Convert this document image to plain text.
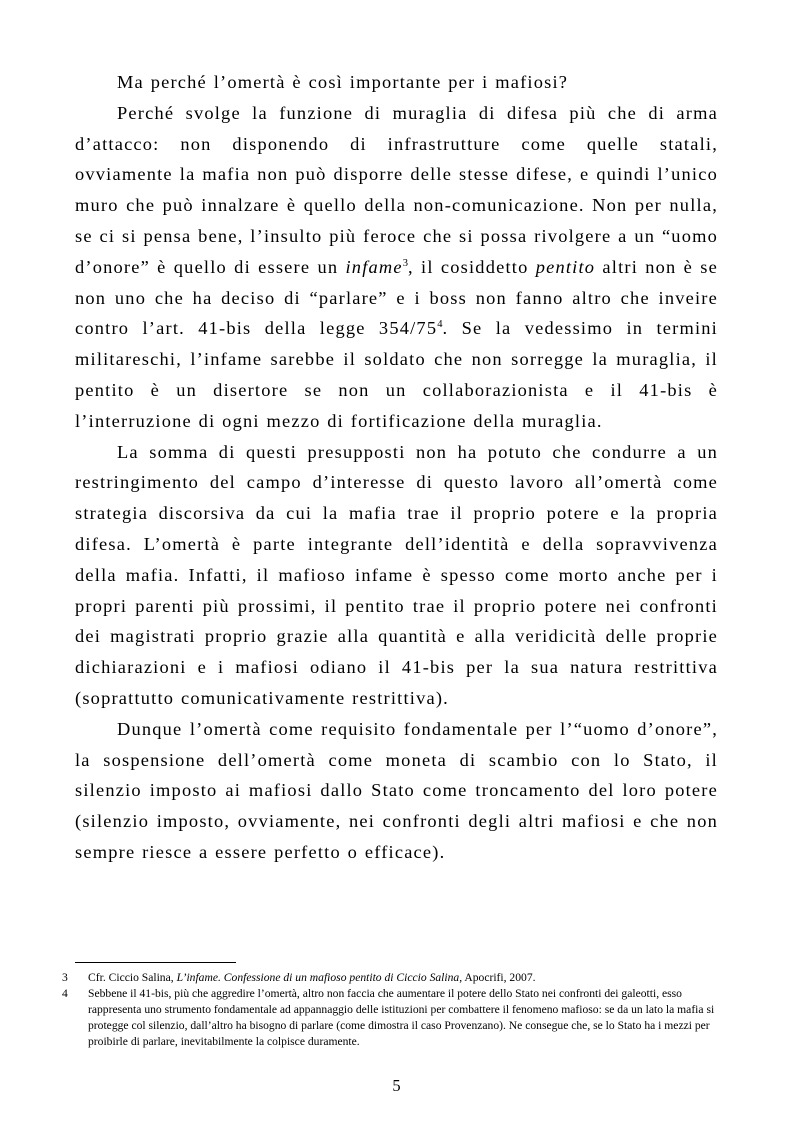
Ma perché l’omertà è così importante per i mafiosi?

Perché svolge la funzione di muraglia di difesa più che di arma d’attacco: non disponendo di infrastrutture come quelle statali, ovviamente la mafia non può disporre delle stesse difese, e quindi l’unico muro che può innalzare è quello della non-comunicazione. Non per nulla, se ci si pensa bene, l’insulto più feroce che si possa rivolgere a un “uomo d’onore” è quello di essere un infame$^3$, il cosiddetto pentito altri non è se non uno che ha deciso di “parlare” e i boss non fanno altro che inveire contro l’art. 41-bis della legge $354/75^4$. Se la vedessimo in termini militareschi, l’infame sarebbe il soldato che non sorregge la muraglia, il pentito è un disertore se non un collaborazionista e il 41-bis è l’interruzione di ogni mezzo di fortificazione della muraglia.

La somma di questi presupposti non ha potuto che condurre a un restringimento del campo d’interesse di questo lavoro all’omertà come strategia discorsiva da cui la mafia trae il proprio potere e la propria difesa. L’omertà è parte integrante dell’identità e della sopravvivenza della mafia. Infatti, il mafioso infame è spesso come morto anche per i propri parenti più prossimi, il pentito trae il proprio potere nei confronti dei magistrati proprio grazie alla quantità e alla veridicità delle proprie dichiarazioni e i mafiosi odiano il 41-bis per la sua natura restrittiva (soprattutto comunicativamente restrittiva).

Dunque l’omertà come requisito fondamentale per l’“uomo d’onore”, la sospensione dell’omertà come moneta di scambio con lo Stato, il silenzio imposto ai mafiosi dallo Stato come troncamento del loro potere (silenzio imposto, ovviamente, nei confronti degli altri mafiosi e che non sempre riesce a essere perfetto o efficace).

3	Cfr. Ciccio Salina, L’infame. Confessione di un mafioso pentito di Ciccio Salina, Apocrifi, 2007.

4	Sebbene il 41-bis, più che aggredire l’omertà, altro non faccia che aumentare il potere dello Stato nei confronti dei galeotti, esso rappresenta uno strumento fondamentale ad appannaggio delle istituzioni per combattere il fenomeno mafioso: se da un lato la mafia si protegge col silenzio, dall’altro ha bisogno di parlare (come dimostra il caso Provenzano). Ne consegue che, se lo Stato ha i mezzi per proibirle di parlare, inevitabilmente la colpisce duramente.

5
